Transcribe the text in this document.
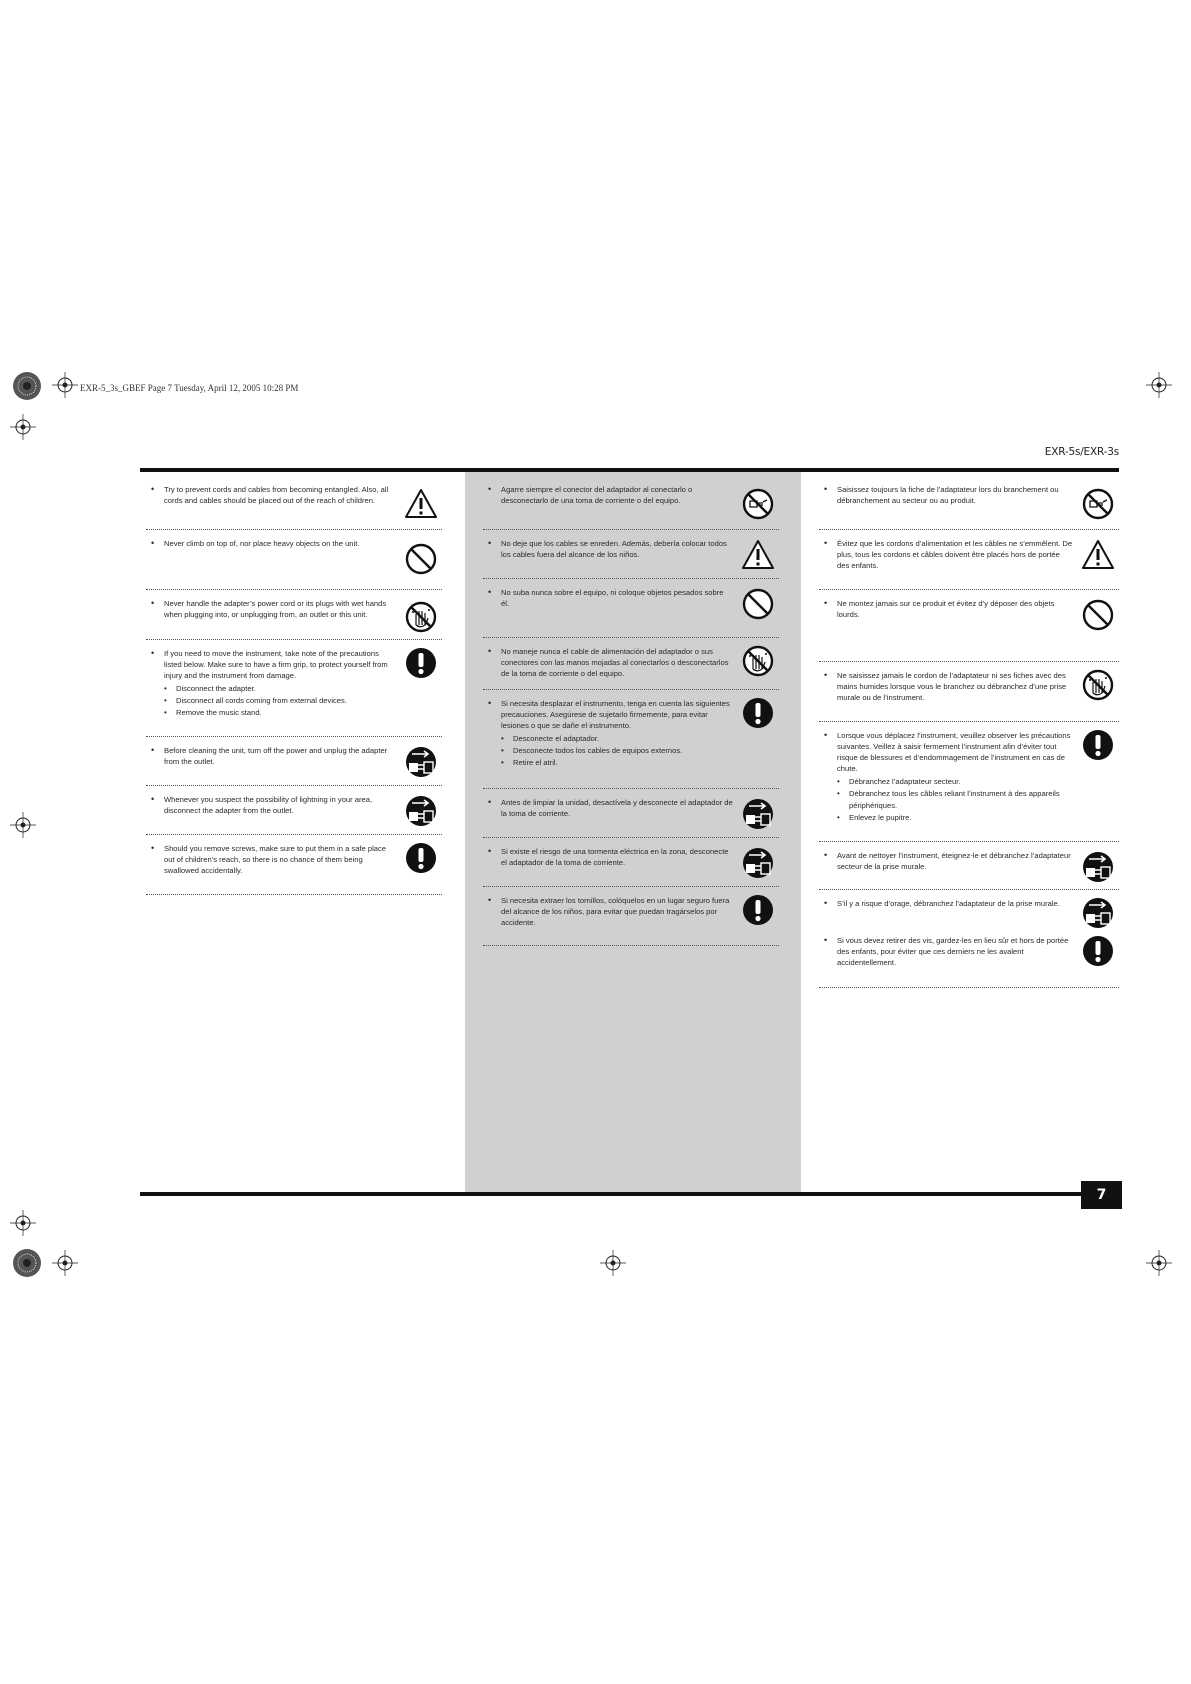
EXR-5_3s_GBEF Page 7 Tuesday, April 12, 2005 10:28 PM
EXR-5s/EXR-3s

• Try to prevent cords and cables from becoming entangled. Also, all cords and cables should be placed out of the reach of children.

• Never climb on top of, nor place heavy objects on the unit.

• Never handle the adapter’s power cord or its plugs with wet hands when plugging into, or unplugging from, an outlet or this unit.

• If you need to move the instrument, take note of the precautions listed below. Make sure to have a firm grip, to protect yourself from injury and the instrument from damage.

• Disconnect the adapter.
• Disconnect all cords coming from external devices.
• Remove the music stand.

• Before cleaning the unit, turn off the power and unplug the adapter from the outlet.

• Whenever you suspect the possibility of lightning in your area, disconnect the adapter from the outlet.

• Should you remove screws, make sure to put them in a safe place out of children’s reach, so there is no chance of them being swallowed accidentally.

• Agarre siempre el conector del adaptador al conectarlo o desconectarlo de una toma de corriente o del equipo.

• No deje que los cables se enreden. Además, debería colocar todos los cables fuera del alcance de los niños.

• No suba nunca sobre el equipo, ni coloque objetos pesados sobre él.

• No maneje nunca el cable de alimentación del adaptador o sus conectores con las manos mojadas al conectarlos o desconectarlos de la toma de corriente o del equipo.

• Si necesita desplazar el instrumento, tenga en cuenta las siguientes precauciones. Asegúrese de sujetarlo firmemente, para evitar lesiones o que se dañe el instrumento.

• Desconecte el adaptador.
• Desconecte todos los cables de equipos externos.
• Retire el atril.

• Antes de limpiar la unidad, desactívela y desconecte el adaptador de la toma de corriente.

• Si existe el riesgo de una tormenta eléctrica en la zona, desconecte el adaptador de la toma de corriente.

• Si necesita extraer los tornillos, colóquelos en un lugar seguro fuera del alcance de los niños, para evitar que puedan tragárselos por accidente.

• Saisissez toujours la fiche de l’adaptateur lors du branchement ou débranchement au secteur ou au produit.

• Évitez que les cordons d’alimentation et les câbles ne s’emmêlent. De plus, tous les cordons et câbles doivent être placés hors de portée des enfants.

• Ne montez jamais sur ce produit et évitez d’y déposer des objets lourds.

• Ne saisissez jamais le cordon de l’adaptateur ni ses fiches avec des mains humides lorsque vous le branchez ou débranchez d’une prise murale ou de l’instrument.

• Lorsque vous déplacez l’instrument, veuillez observer les précautions suivantes. Veillez à saisir fermement l’instrument afin d’éviter tout risque de blessures et d’endommagement de l’instrument en cas de chute.

• Débranchez l’adaptateur secteur.
• Débranchez tous les câbles reliant l’instrument à des appareils périphériques.
• Enlevez le pupitre.

• Avant de nettoyer l’instrument, éteignez-le et débranchez l’adaptateur secteur de la prise murale.

• S’il y a risque d’orage, débranchez l’adaptateur de la prise murale.

• Si vous devez retirer des vis, gardez-les en lieu sûr et hors de portée des enfants, pour éviter que ces derniers ne les avalent accidentellement.

7
